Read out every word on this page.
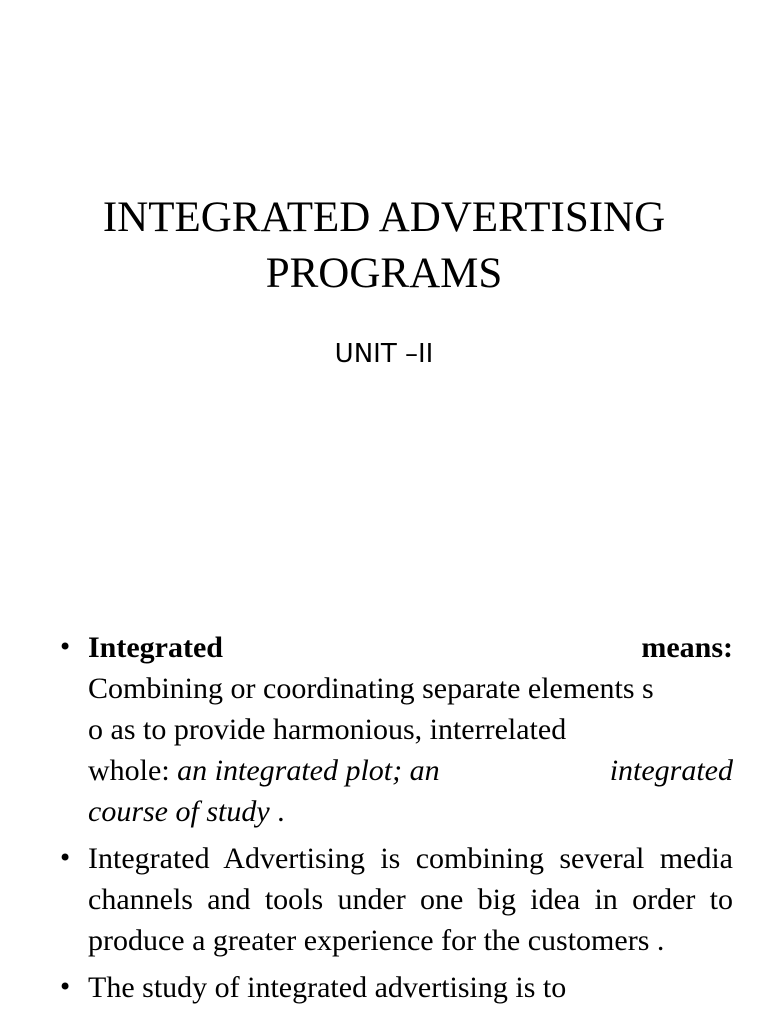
INTEGRATED ADVERTISING
PROGRAMS
UNIT –II
• Integrated	means:
Combining or coordinating separate elements s
o as to provide harmonious, interrelated
whole: an integrated plot; an	integrated
course of study .
• Integrated Advertising is combining several media channels and tools under one big idea in order to produce a greater experience for the customers .
• The study of integrated advertising is to
